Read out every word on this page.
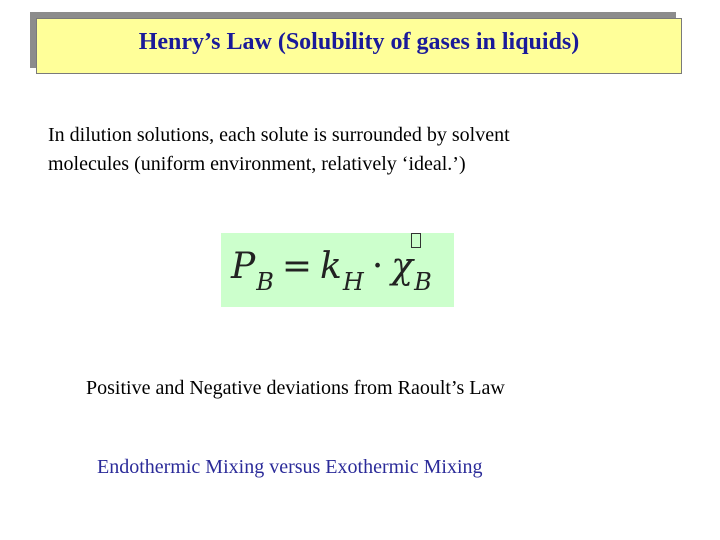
Henry’s Law (Solubility of gases in liquids)
In dilution solutions, each solute is surrounded by solvent
molecules (uniform environment, relatively ‘ideal.’)
$P_B = k_H \cdot \chi$
$_B$
Positive and Negative deviations from Raoult’s Law
Endothermic Mixing versus Exothermic Mixing
